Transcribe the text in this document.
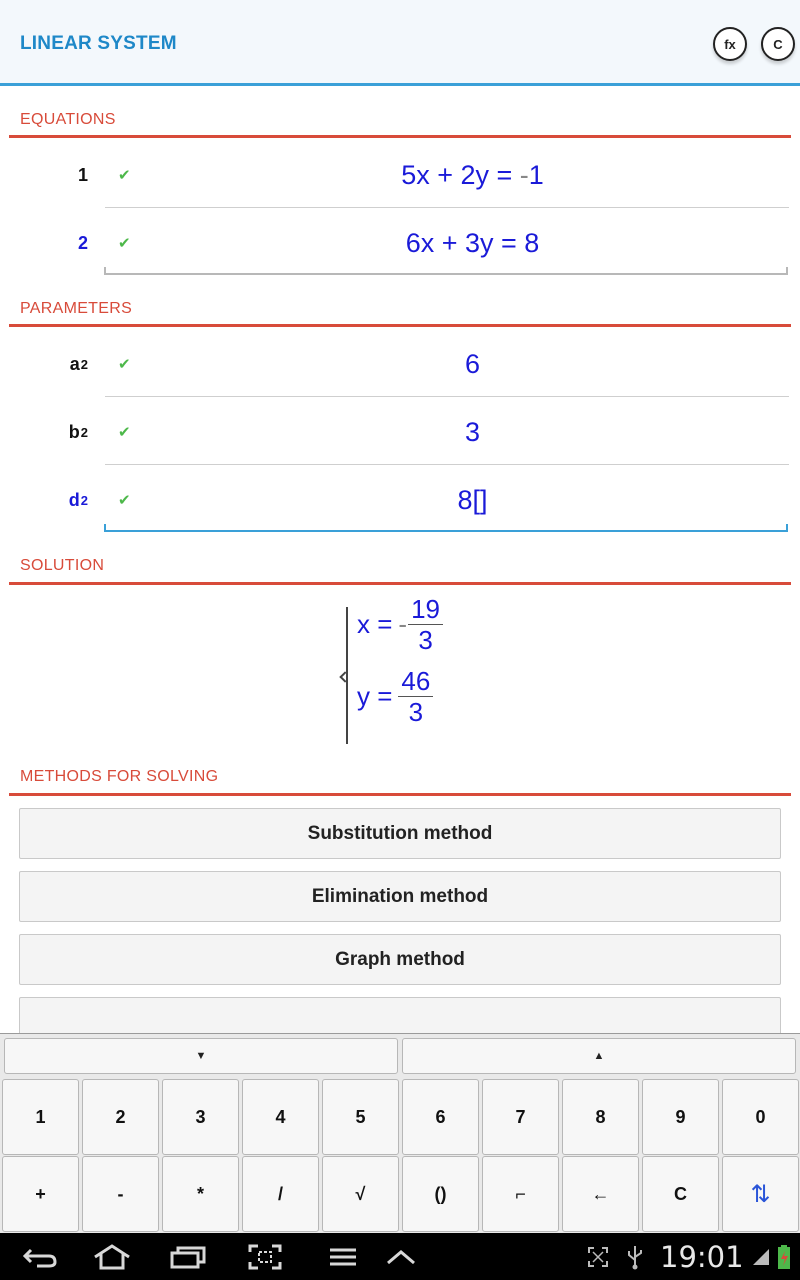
LINEAR SYSTEM	fx	C
EQUATIONS
1 ✔	5x + 2y = - 1
2 ✔	6x + 3y = 8
PARAMETERS
a 2 ✔	6
b 2 ✔	3
d 2 ✔	8[]
SOLUTION
x = - $\frac{19}{3}$
$y = \frac{46}{3}$
METHODS FOR SOLVING
Substitution method
Elimination method
Graph method
▼	▲
1	2	3	4	5	6	7	8	9	0
+	-	*	/	√	()	⌐	←	C	⇅
19:01
